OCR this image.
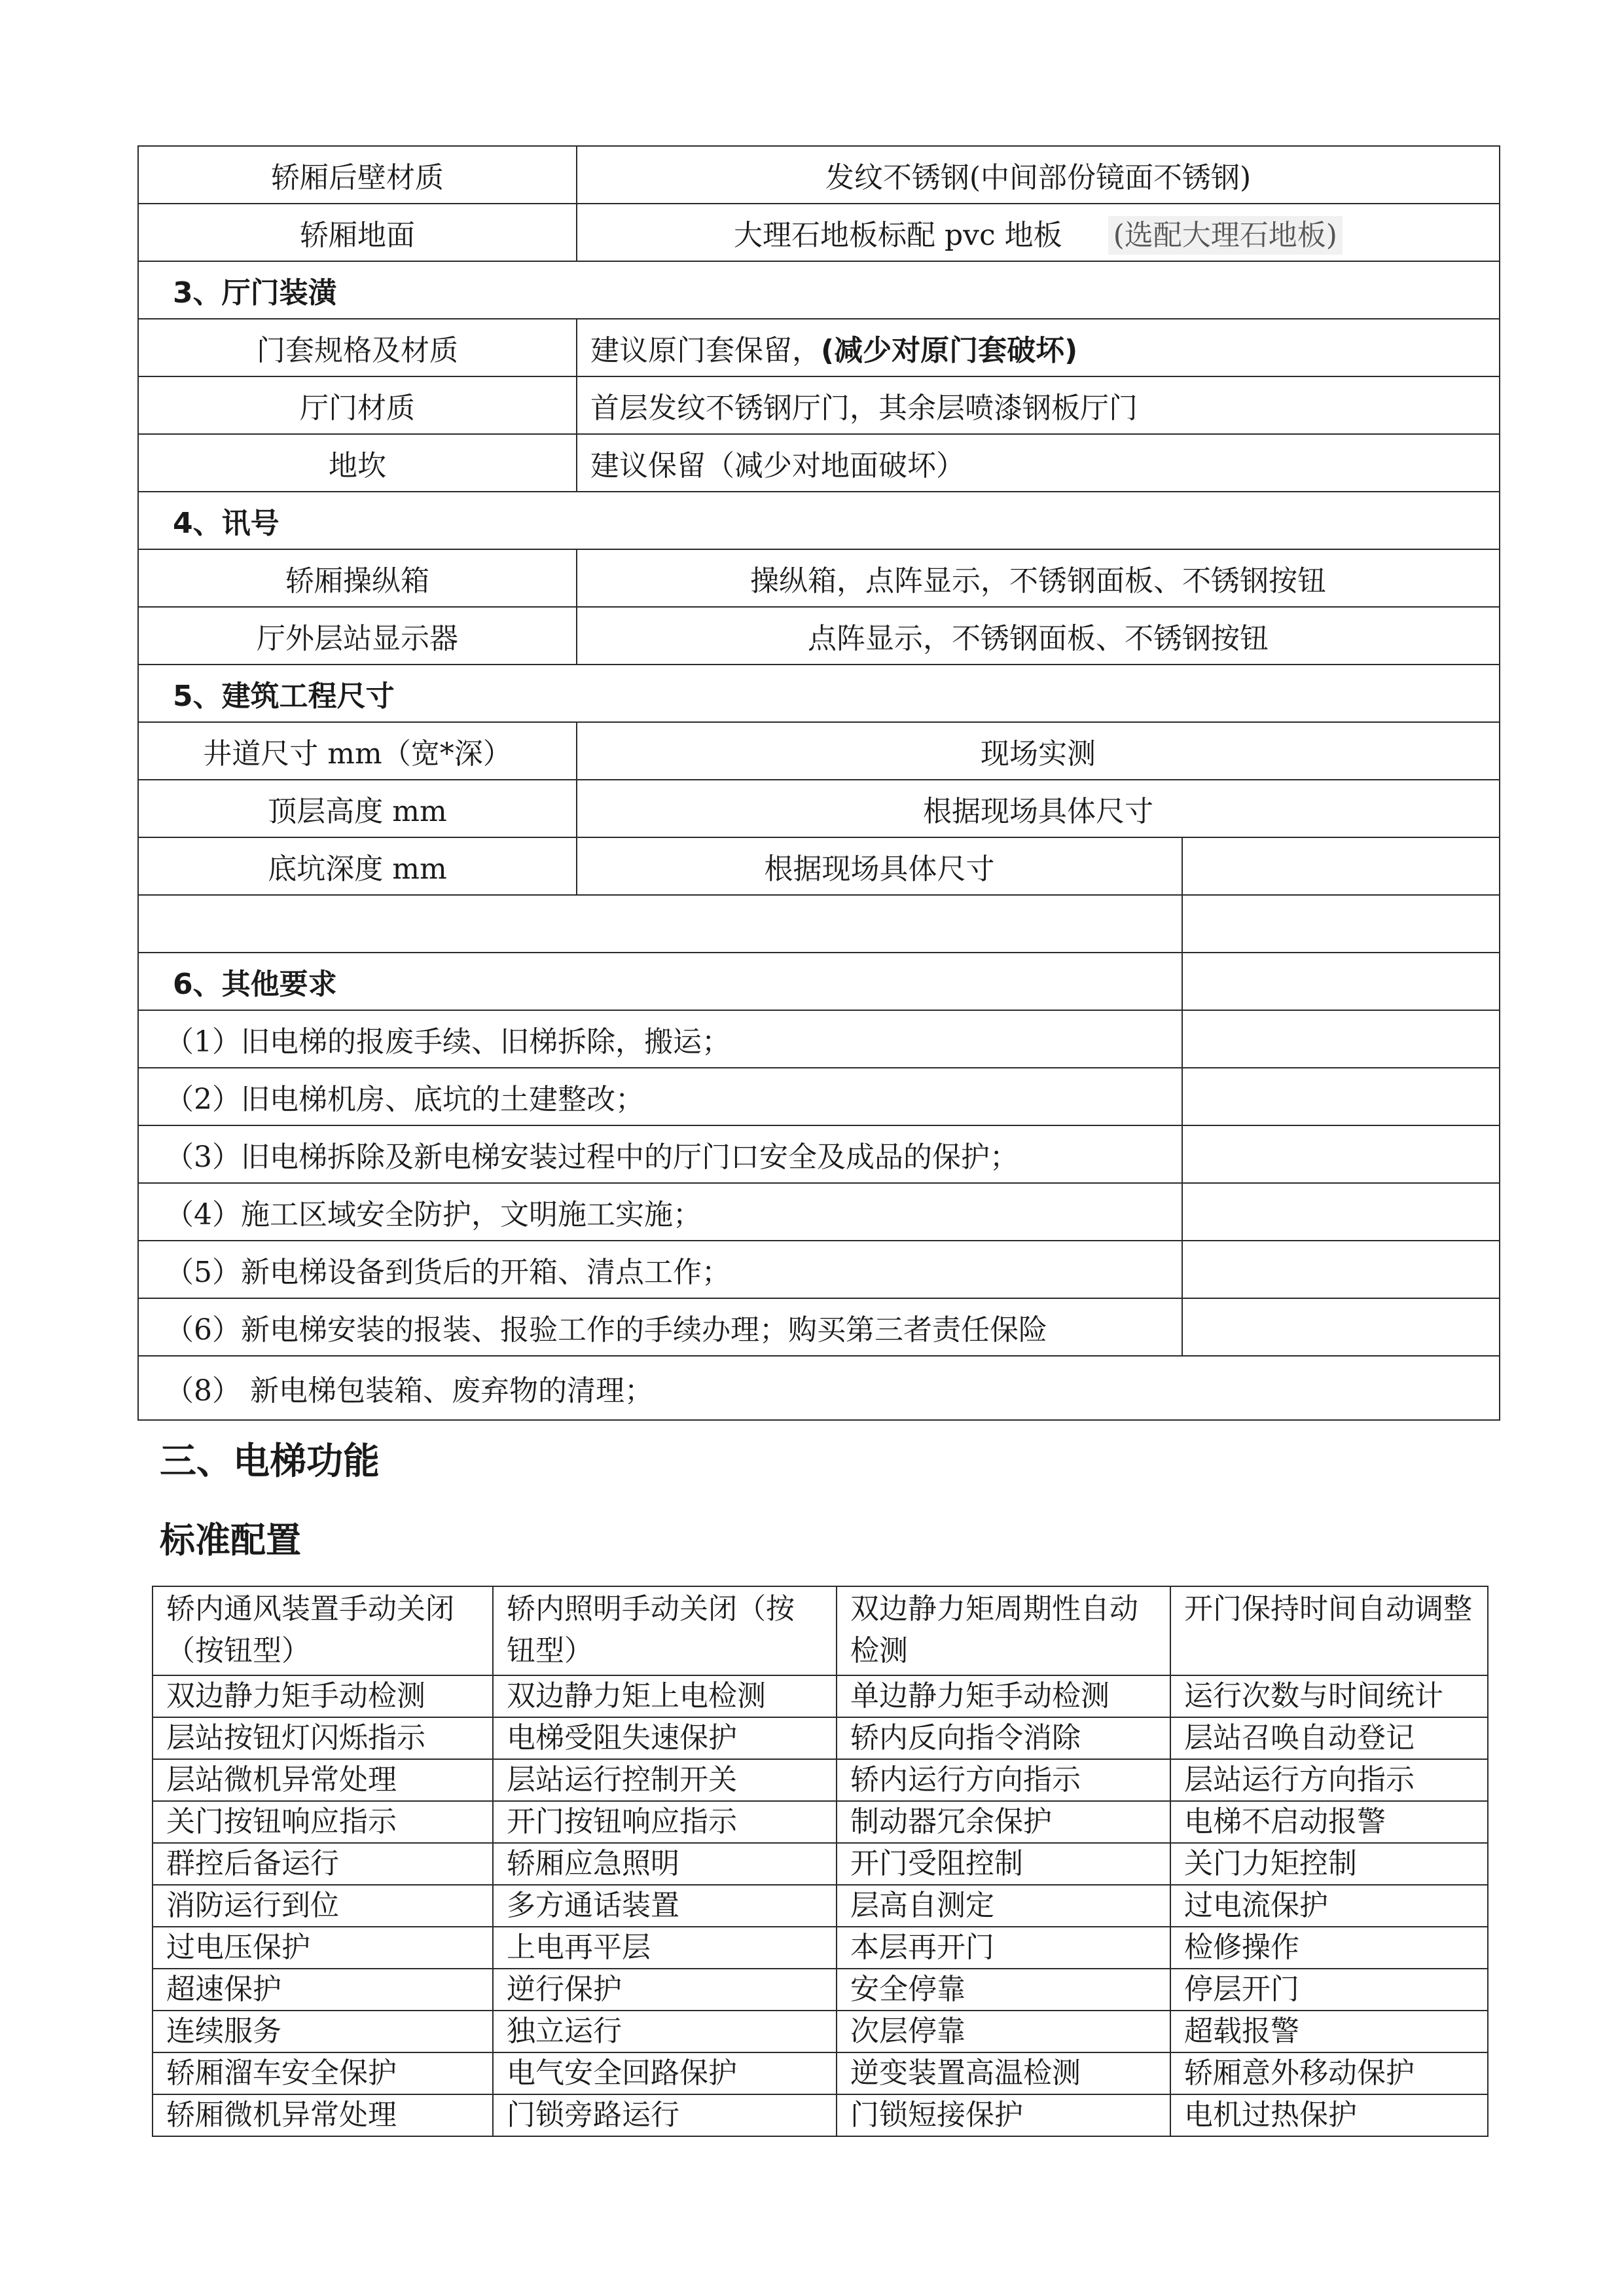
轿厢后壁材质	发纹不锈钢(中间部份镜面不锈钢)	
轿厢地面	大理石地板标配 pvc 地板 (选配大理石地板)	
3、厅门装潢		
门套规格及材质	建议原门套保留，(减少对原门套破坏)	
厅门材质	首层发纹不锈钢厅门，其余层喷漆钢板厅门	
地坎	建议保留（减少对地面破坏）	
4、讯号		
轿厢操纵箱	操纵箱，点阵显示，不锈钢面板、不锈钢按钮	
厅外层站显示器	点阵显示，不锈钢面板、不锈钢按钮	
5、建筑工程尺寸		
井道尺寸 mm（宽*深）	现场实测	
顶层高度 mm	根据现场具体尺寸	
底坑深度 mm	根据现场具体尺寸	

6、其他要求		
（1）旧电梯的报废手续、旧梯拆除，搬运；		
（2）旧电梯机房、底坑的土建整改；		
（3）旧电梯拆除及新电梯安装过程中的厅门口安全及成品的保护；		
（4）施工区域安全防护，文明施工实施；		
（5）新电梯设备到货后的开箱、清点工作；		
（6）新电梯安装的报装、报验工作的手续办理；购买第三者责任保险		
（8） 新电梯包装箱、废弃物的清理；		
三、电梯功能
标准配置
轿内通风装置手动关闭（按钮型）	轿内照明手动关闭（按钮型）	双边静力矩周期性自动检测	开门保持时间自动调整
双边静力矩手动检测	双边静力矩上电检测	单边静力矩手动检测	运行次数与时间统计
层站按钮灯闪烁指示	电梯受阻失速保护	轿内反向指令消除	层站召唤自动登记
层站微机异常处理	层站运行控制开关	轿内运行方向指示	层站运行方向指示
关门按钮响应指示	开门按钮响应指示	制动器冗余保护	电梯不启动报警
群控后备运行	轿厢应急照明	开门受阻控制	关门力矩控制
消防运行到位	多方通话装置	层高自测定	过电流保护
过电压保护	上电再平层	本层再开门	检修操作
超速保护	逆行保护	安全停靠	停层开门
连续服务	独立运行	次层停靠	超载报警
轿厢溜车安全保护	电气安全回路保护	逆变装置高温检测	轿厢意外移动保护
轿厢微机异常处理	门锁旁路运行	门锁短接保护	电机过热保护
